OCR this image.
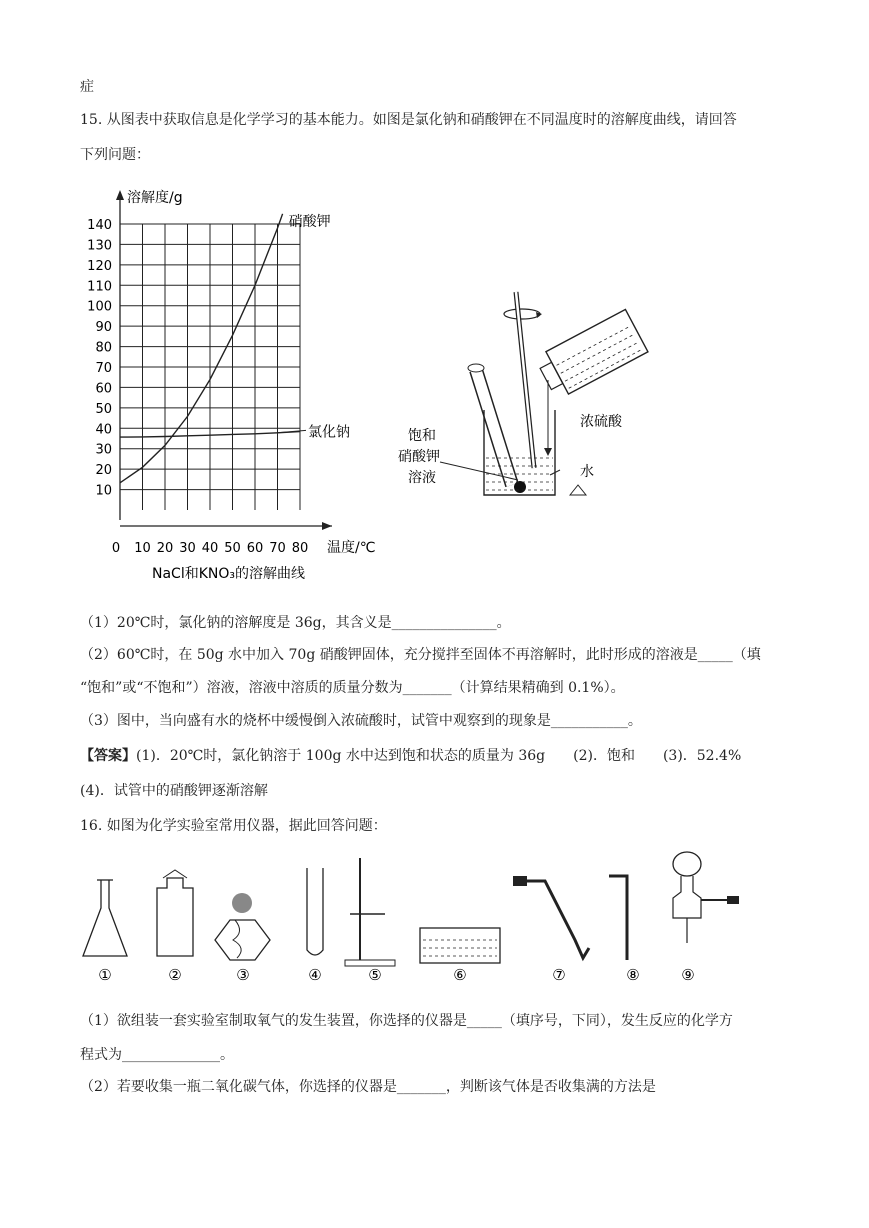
症
15. 从图表中获取信息是化学学习的基本能力。如图是氯化钠和硝酸钾在不同温度时的溶解度曲线，请回答
下列问题：
10
20
30
40
50
60
70
80
90
100
110
120
130
140
0 10 20 30 40 50 60 70 80
硝酸钾
氯化钠
溶解度/g
温度/℃
NaCl和KNO₃的溶解曲线
饱和
硝酸钾
溶液
浓硫酸
水
（1）20℃时，氯化钠的溶解度是 36g，其含义是_______________。
（2）60℃时，在 50g 水中加入 70g 硝酸钾固体，充分搅拌至固体不再溶解时，此时形成的溶液是_____（填
“饱和”或“不饱和”）溶液，溶液中溶质的质量分数为_______（计算结果精确到 0.1%）。
（3）图中，当向盛有水的烧杯中缓慢倒入浓硫酸时，试管中观察到的现象是___________。
【答案】(1)．20℃时，氯化钠溶于 100g 水中达到饱和状态的质量为 36g　　(2)．饱和　　(3)．52.4%
(4)．试管中的硝酸钾逐渐溶解
16. 如图为化学实验室常用仪器，据此回答问题：
①	②	③	④	⑤	⑥	⑦	⑧	⑨
（1）欲组装一套实验室制取氧气的发生装置，你选择的仪器是_____（填序号，下同），发生反应的化学方
程式为______________。
（2）若要收集一瓶二氧化碳气体，你选择的仪器是_______，判断该气体是否收集满的方法是
